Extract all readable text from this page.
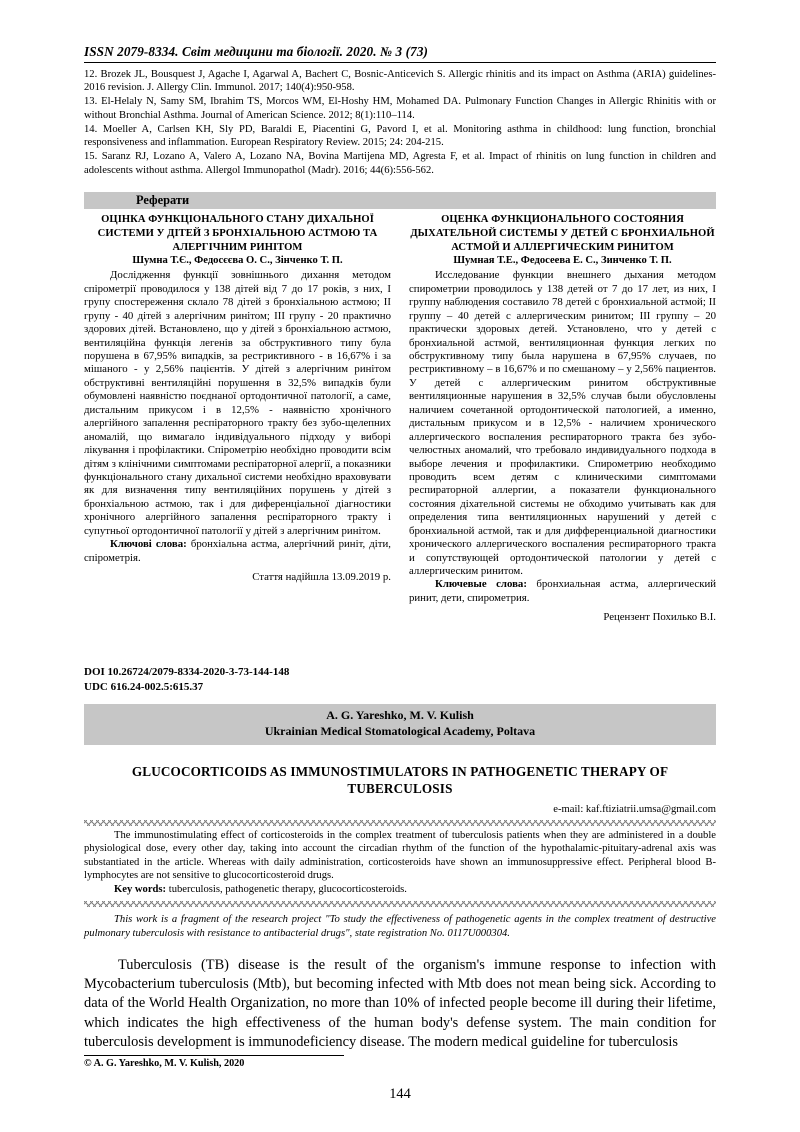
ISSN 2079-8334. Світ медицини та біології. 2020. № 3 (73)

12. Brozek JL, Bousquest J, Agache I, Agarwal A, Bachert C, Bosnic-Anticevich S. Allergic rhinitis and its impact on Asthma (ARIA) guidelines-2016 revision. J. Allergy Clin. Immunol. 2017; 140(4):950-958.

13. El-Helaly N, Samy SM, Ibrahim TS, Morcos WM, El-Hoshy HM, Mohamed DA. Pulmonary Function Changes in Allergic Rhinitis with or without Bronchial Asthma. Journal of American Science. 2012; 8(1):110–114.

14. Moeller A, Carlsen KH, Sly PD, Baraldi E, Piacentini G, Pavord I, et al. Monitoring asthma in childhood: lung function, bronchial responsiveness and inflammation. European Respiratory Review. 2015; 24: 204-215.

15. Saranz RJ, Lozano A, Valero A, Lozano NA, Bovina Martijena MD, Agresta F, et al. Impact of rhinitis on lung function in children and adolescents without asthma. Allergol Immunopathol (Madr). 2016; 44(6):556-562.

Реферати
ОЦІНКА ФУНКЦІОНАЛЬНОГО СТАНУ ДИХАЛЬНОЇ СИСТЕМИ У ДІТЕЙ З БРОНХІАЛЬНОЮ АСТМОЮ ТА АЛЕРГІЧНИМ РИНІТОМ
Шумна Т.Є., Федосєєва О. С., Зінченко Т. П.

Дослідження функції зовнішнього дихання методом спірометрії проводилося у 138 дітей від 7 до 17 років, з них, I групу спостереження склало 78 дітей з бронхіальною астмою; II групу - 40 дітей з алергічним ринітом; III групу - 20 практично здорових дітей. Встановлено, що у дітей з бронхіальною астмою, вентиляційна функція легенів за обструктивного типу була порушена в 67,95% випадків, за рестриктивного - в 16,67% і за мішаного - у 2,56% пацієнтів. У дітей з алергічним ринітом обструктивні вентиляційні порушення в 32,5% випадків були обумовлені наявністю поєднаної ортодонтичної патології, а саме, дистальним прикусом і в 12,5% - наявністю хронічного алергійного запалення респіраторного тракту без зубо-щелепних аномалій, що вимагало індивідуального підходу у виборі лікування і профілактики. Спірометрію необхідно проводити всім дітям з клінічними симптомами респіраторної алергії, а показники функціонального стану дихальної системи необхідно враховувати як для визначення типу вентиляційних порушень у дітей з бронхіальною астмою, так і для диференціальної діагностики хронічного алергійного запалення респіраторного тракту і супутньої ортодонтичної патології у дітей з алергічним ринітом.

Ключові слова: бронхіальна астма, алергічний риніт, діти, спірометрія.

Стаття надійшла 13.09.2019 р.
ОЦЕНКА ФУНКЦИОНАЛЬНОГО СОСТОЯНИЯ ДЫХАТЕЛЬНОЙ СИСТЕМЫ У ДЕТЕЙ С БРОНХИАЛЬНОЙ АСТМОЙ И АЛЛЕРГИЧЕСКИМ РИНИТОМ
Шумная Т.Е., Федосеева Е. С., Зинченко Т. П.

Исследование функции внешнего дыхания методом спирометрии проводилось у 138 детей от 7 до 17 лет, из них, I группу наблюдения составило 78 детей с бронхиальной астмой; II группу – 40 детей с аллергическим ринитом; III группу – 20 практически здоровых детей. Установлено, что у детей с бронхиальной астмой, вентиляционная функция легких по обструктивному типу была нарушена в 67,95% случаев, по рестриктивному – в 16,67% и по смешаному – у 2,56% пациентов. У детей с аллергическим ринитом обструктивные вентиляционные нарушения в 32,5% случав были обусловлены наличием сочетанной ортодонтической патологией, а именно, дистальным прикусом и в 12,5% - наличием хронического аллергического воспаления респираторного тракта без зубо-челюстных аномалий, что требовало индивидуального подхода в выборе лечения и профилактики. Спирометрию необходимо проводить всем детям с клиническими симптомами респираторной аллергии, а показатели функционального состояния діхательной системы не обходимо учитывать как для определения типа вентиляционных нарушений у детей с бронхиальной астмой, так и для дифференциальной диагностики хронического аллергического воспаления респираторного тракта и сопутствующей ортодонтической патологии у детей с аллергическим ринитом.

Ключевые слова: бронхиальная астма, аллергический ринит, дети, спирометрия.

Рецензент Похилько В.I.
DOI 10.26724/2079-8334-2020-3-73-144-148
UDC 616.24-002.5:615.37
A. G. Yareshko, M. V. Kulish
Ukrainian Medical Stomatological Academy, Poltava
GLUCOCORTICOIDS AS IMMUNOSTIMULATORS IN PATHOGENETIC THERAPY OF TUBERCULOSIS
e-mail: kaf.ftiziatrii.umsa@gmail.com

The immunostimulating effect of corticosteroids in the complex treatment of tuberculosis patients when they are administered in a double physiological dose, every other day, taking into account the circadian rhythm of the function of the hypothalamic-pituitary-adrenal axis was substantiated in the article. Whereas with daily administration, corticosteroids have shown an immunosuppressive effect. Peripheral blood B-lymphocytes are not sensitive to glucocorticosteroid drugs.

Key words: tuberculosis, pathogenetic therapy, glucocorticosteroids.

This work is a fragment of the research project "To study the effectiveness of pathogenetic agents in the complex treatment of destructive pulmonary tuberculosis with resistance to antibacterial drugs", state registration No. 0117U000304.

Tuberculosis (TB) disease is the result of the organism's immune response to infection with Mycobacterium tuberculosis (Mtb), but becoming infected with Mtb does not mean being sick. According to data of the World Health Organization, no more than 10% of infected people become ill during their lifetime, which indicates the high effectiveness of the human body's defense system. The main condition for tuberculosis development is immunodeficiency disease. The modern medical guideline for tuberculosis

© A. G. Yareshko, M. V. Kulish, 2020
144
